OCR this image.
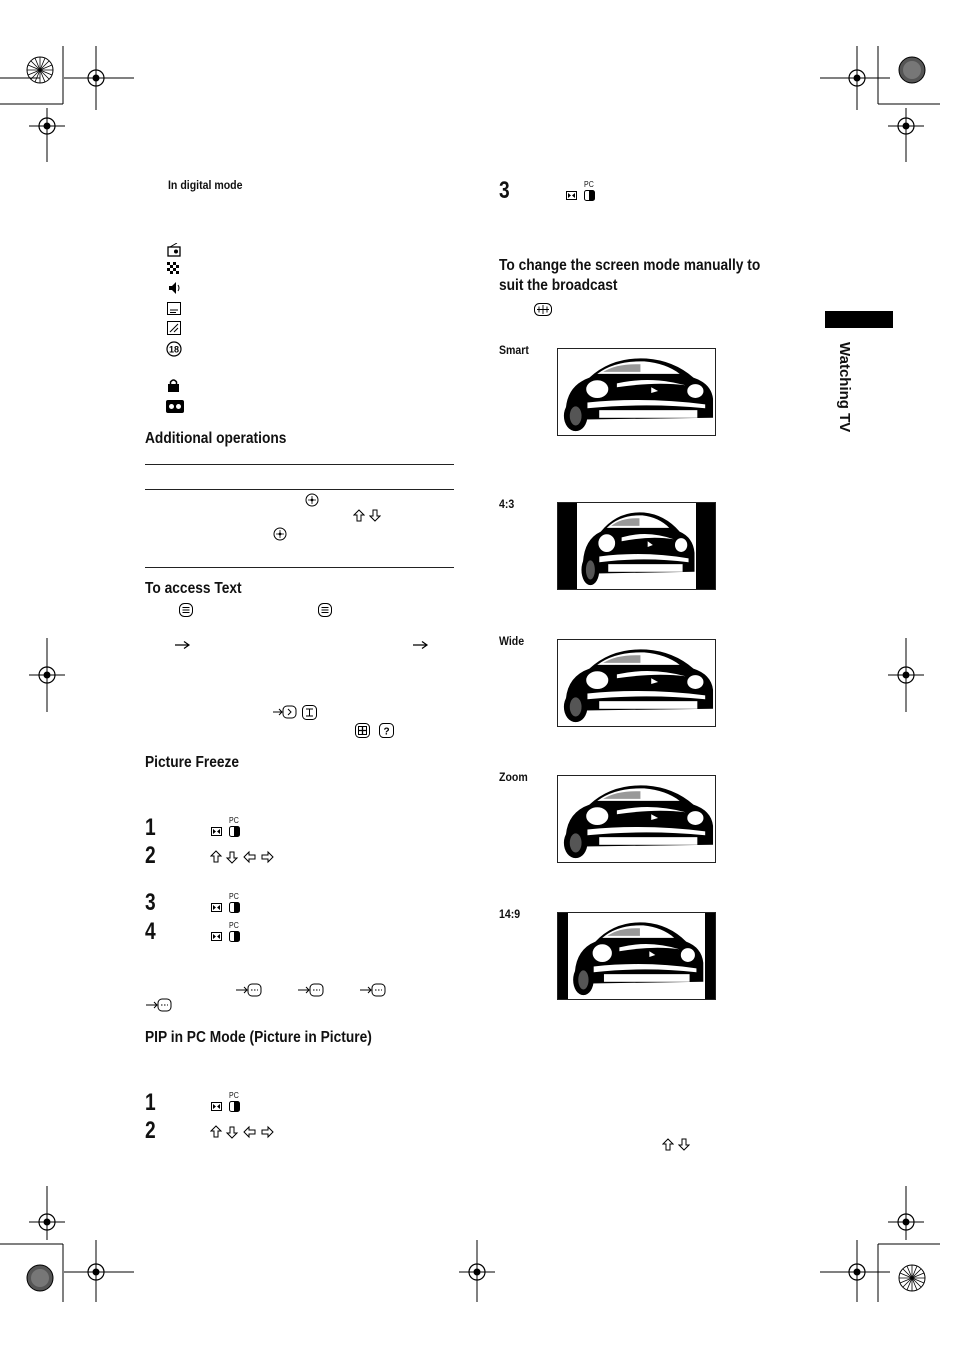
In digital mode
18
Additional operations
To access Text
?
Picture Freeze
1
2
3
4
PC
PC
PC
PIP in PC Mode (Picture in Picture)
1
2
PC
3	PC
To change the screen mode manually to
suit the broadcast
Smart
4:3
Wide
Zoom
14:9
Watching TV
